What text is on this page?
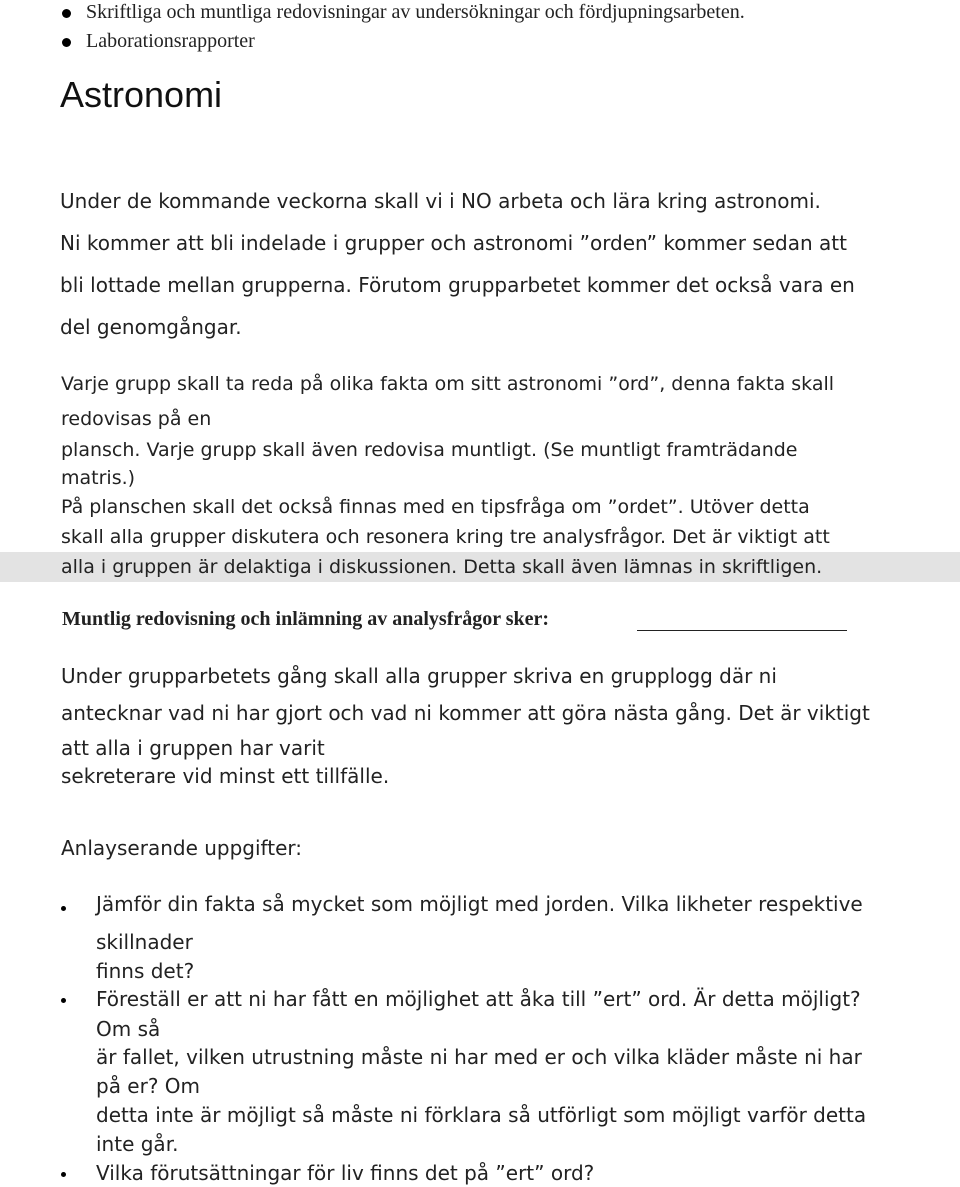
Skriftliga och muntliga redovisningar av undersökningar och fördjupningsarbeten.
Laborationsrapporter
Astronomi
Under de kommande veckorna skall vi i NO arbeta och lära kring astronomi.
Ni kommer att bli indelade i grupper och astronomi ”orden” kommer sedan att
bli lottade mellan grupperna. Förutom grupparbetet kommer det också vara en
del genomgångar.
Varje grupp skall ta reda på olika fakta om sitt astronomi ”ord”, denna fakta skall
redovisas på en
plansch. Varje grupp skall även redovisa muntligt. (Se muntligt framträdande
matris.)
På planschen skall det också finnas med en tipsfråga om ”ordet”. Utöver detta
skall alla grupper diskutera och resonera kring tre analysfrågor. Det är viktigt att
alla i gruppen är delaktiga i diskussionen. Detta skall även lämnas in skriftligen.
Muntlig redovisning och inlämning av analysfrågor sker:
Under grupparbetets gång skall alla grupper skriva en grupplogg där ni
antecknar vad ni har gjort och vad ni kommer att göra nästa gång. Det är viktigt
att alla i gruppen har varit
sekreterare vid minst ett tillfälle.
Anlayserande uppgifter:
Jämför din fakta så mycket som möjligt med jorden. Vilka likheter respektive
skillnader
finns det?
Föreställ er att ni har fått en möjlighet att åka till ”ert” ord. Är detta möjligt?
Om så
är fallet, vilken utrustning måste ni har med er och vilka kläder måste ni har
på er? Om
detta inte är möjligt så måste ni förklara så utförligt som möjligt varför detta
inte går.
Vilka förutsättningar för liv finns det på ”ert” ord?
